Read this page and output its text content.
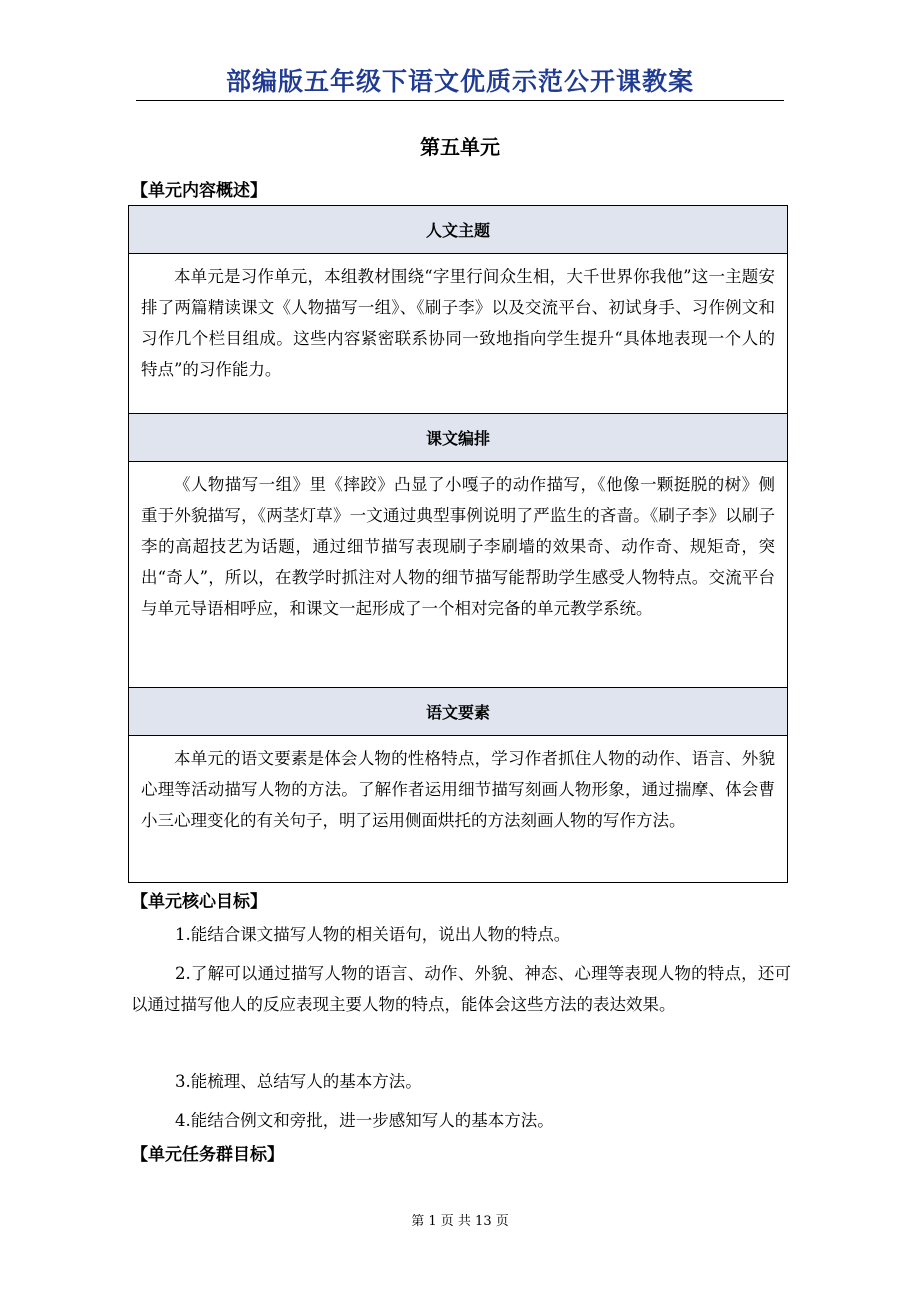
部编版五年级下语文优质示范公开课教案
第五单元
【单元内容概述】
人文主题
本单元是习作单元，本组教材围绕“字里行间众生相，大千世界你我他”这一主题安排了两篇精读课文《人物描写一组》、《刷子李》以及交流平台、初试身手、习作例文和习作几个栏目组成。这些内容紧密联系协同一致地指向学生提升“具体地表现一个人的特点”的习作能力。
课文编排
《人物描写一组》里《摔跤》凸显了小嘎子的动作描写，《他像一颗挺脱的树》侧重于外貌描写，《两茎灯草》一文通过典型事例说明了严监生的吝啬。《刷子李》以刷子李的高超技艺为话题，通过细节描写表现刷子李刷墙的效果奇、动作奇、规矩奇，突出“奇人”，所以，在教学时抓注对人物的细节描写能帮助学生感受人物特点。交流平台与单元导语相呼应，和课文一起形成了一个相对完备的单元教学系统。
语文要素
本单元的语文要素是体会人物的性格特点，学习作者抓住人物的动作、语言、外貌心理等活动描写人物的方法。了解作者运用细节描写刻画人物形象，通过揣摩、体会曹小三心理变化的有关句子，明了运用侧面烘托的方法刻画人物的写作方法。
【单元核心目标】
1.能结合课文描写人物的相关语句，说出人物的特点。
2.了解可以通过描写人物的语言、动作、外貌、神态、心理等表现人物的特点，还可以通过描写他人的反应表现主要人物的特点，能体会这些方法的表达效果。
3.能梳理、总结写人的基本方法。
4.能结合例文和旁批，进一步感知写人的基本方法。
【单元任务群目标】
第 1 页 共 13 页
